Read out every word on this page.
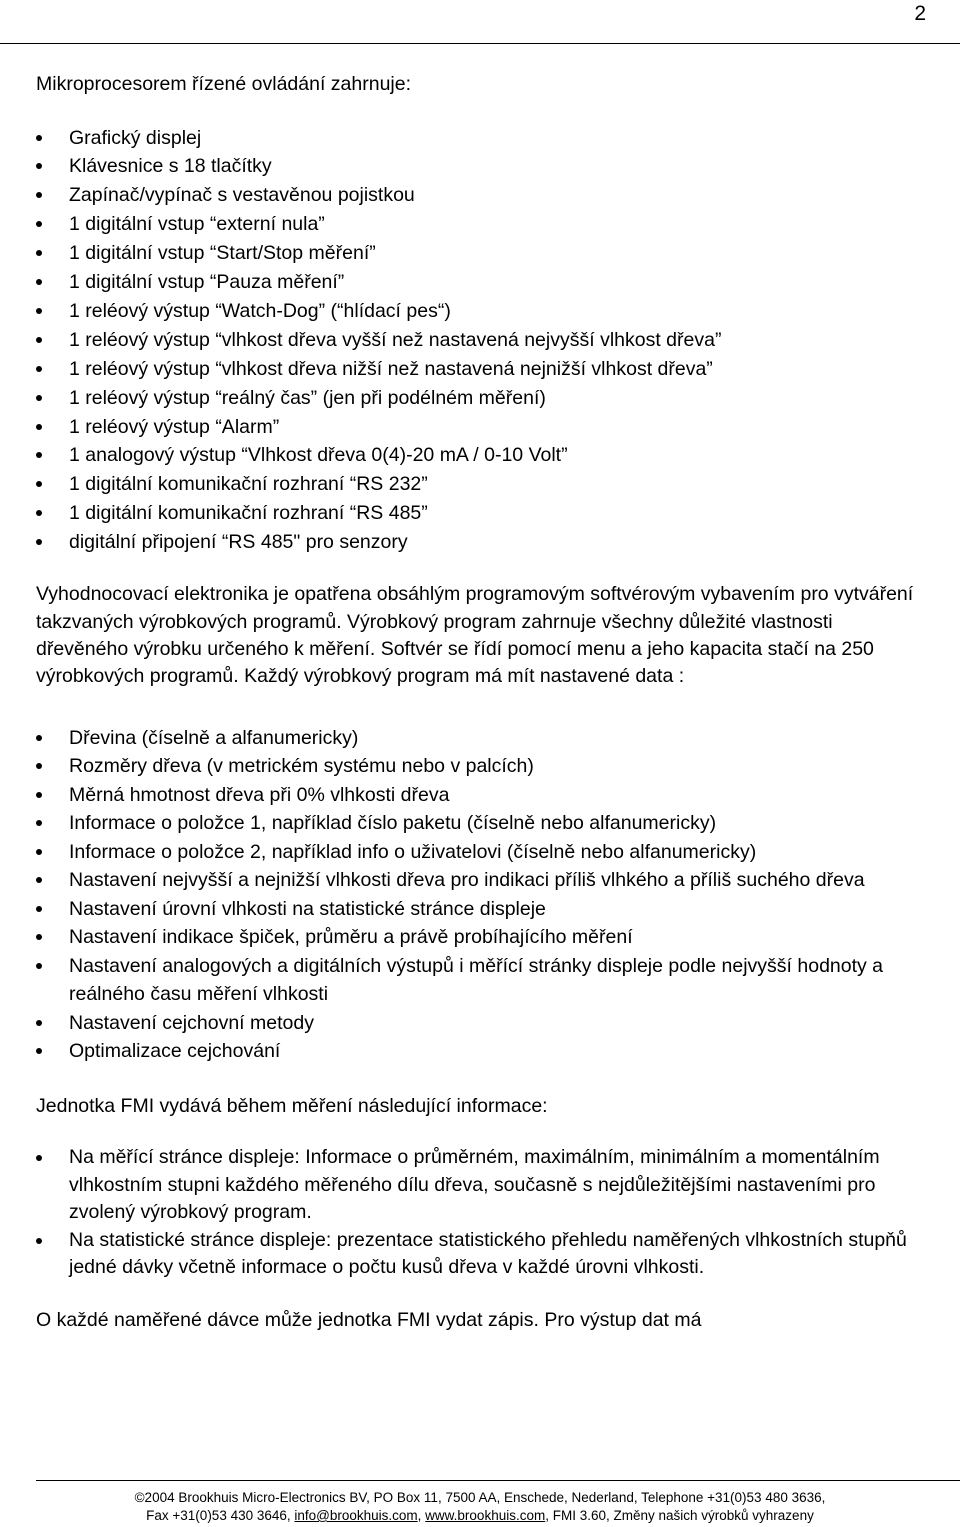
2

Mikroprocesorem řízené ovládání zahrnuje:

Grafický displej
Klávesnice s 18 tlačítky
Zapínač/vypínač s vestavěnou pojistkou
1 digitální vstup “externí nula”
1 digitální vstup “Start/Stop měření”
1 digitální vstup “Pauza měření”
1 reléový výstup “Watch-Dog” (“hlídací pes“)
1 reléový výstup “vlhkost dřeva vyšší než nastavená nejvyšší vlhkost dřeva”
1 reléový výstup “vlhkost dřeva nižší než nastavená nejnižší vlhkost dřeva”
1 reléový výstup “reálný čas” (jen při podélném měření)
1 reléový výstup “Alarm”
1 analogový výstup “Vlhkost dřeva 0(4)-20 mA / 0-10 Volt”
1 digitální komunikační rozhraní “RS 232”
1 digitální komunikační rozhraní “RS 485”
digitální připojení “RS 485" pro senzory

Vyhodnocovací elektronika je opatřena obsáhlým programovým softvérovým vybavením pro vytváření takzvaných výrobkových programů. Výrobkový program zahrnuje všechny důležité vlastnosti dřevěného výrobku určeného k měření. Softvér se řídí pomocí menu a jeho kapacita stačí na 250 výrobkových programů. Každý výrobkový program má mít nastavené data :

Dřevina (číselně a alfanumericky)
Rozměry dřeva (v metrickém systému nebo v palcích)
Měrná hmotnost dřeva při 0% vlhkosti dřeva
Informace o položce 1, například číslo paketu (číselně nebo alfanumericky)
Informace o položce 2, například info o uživatelovi (číselně nebo alfanumericky)
Nastavení nejvyšší a nejnižší vlhkosti dřeva pro indikaci příliš vlhkého a příliš suchého dřeva
Nastavení úrovní vlhkosti na statistické stránce displeje
Nastavení indikace špiček, průměru a právě probíhajícího měření
Nastavení analogových a digitálních výstupů i měřící stránky displeje podle nejvyšší hodnoty a reálného času měření vlhkosti
Nastavení cejchovní metody
Optimalizace cejchování

Jednotka FMI vydává během měření následující informace:

Na měřící stránce displeje: Informace o průměrném, maximálním, minimálním a momentálním vlhkostním stupni každého měřeného dílu dřeva, současně s nejdůležitějšími nastaveními pro zvolený výrobkový program.
Na statistické stránce displeje: prezentace statistického přehledu naměřených vlhkostních stupňů jedné dávky včetně informace o počtu kusů dřeva v každé úrovni vlhkosti.

O každé naměřené dávce může jednotka FMI vydat zápis. Pro výstup dat má

©2004 Brookhuis Micro-Electronics BV, PO Box 11, 7500 AA, Enschede, Nederland, Telephone +31(0)53 480 3636,
Fax +31(0)53 430 3646, info@brookhuis.com, www.brookhuis.com, FMI 3.60, Změny našich výrobků vyhrazeny
